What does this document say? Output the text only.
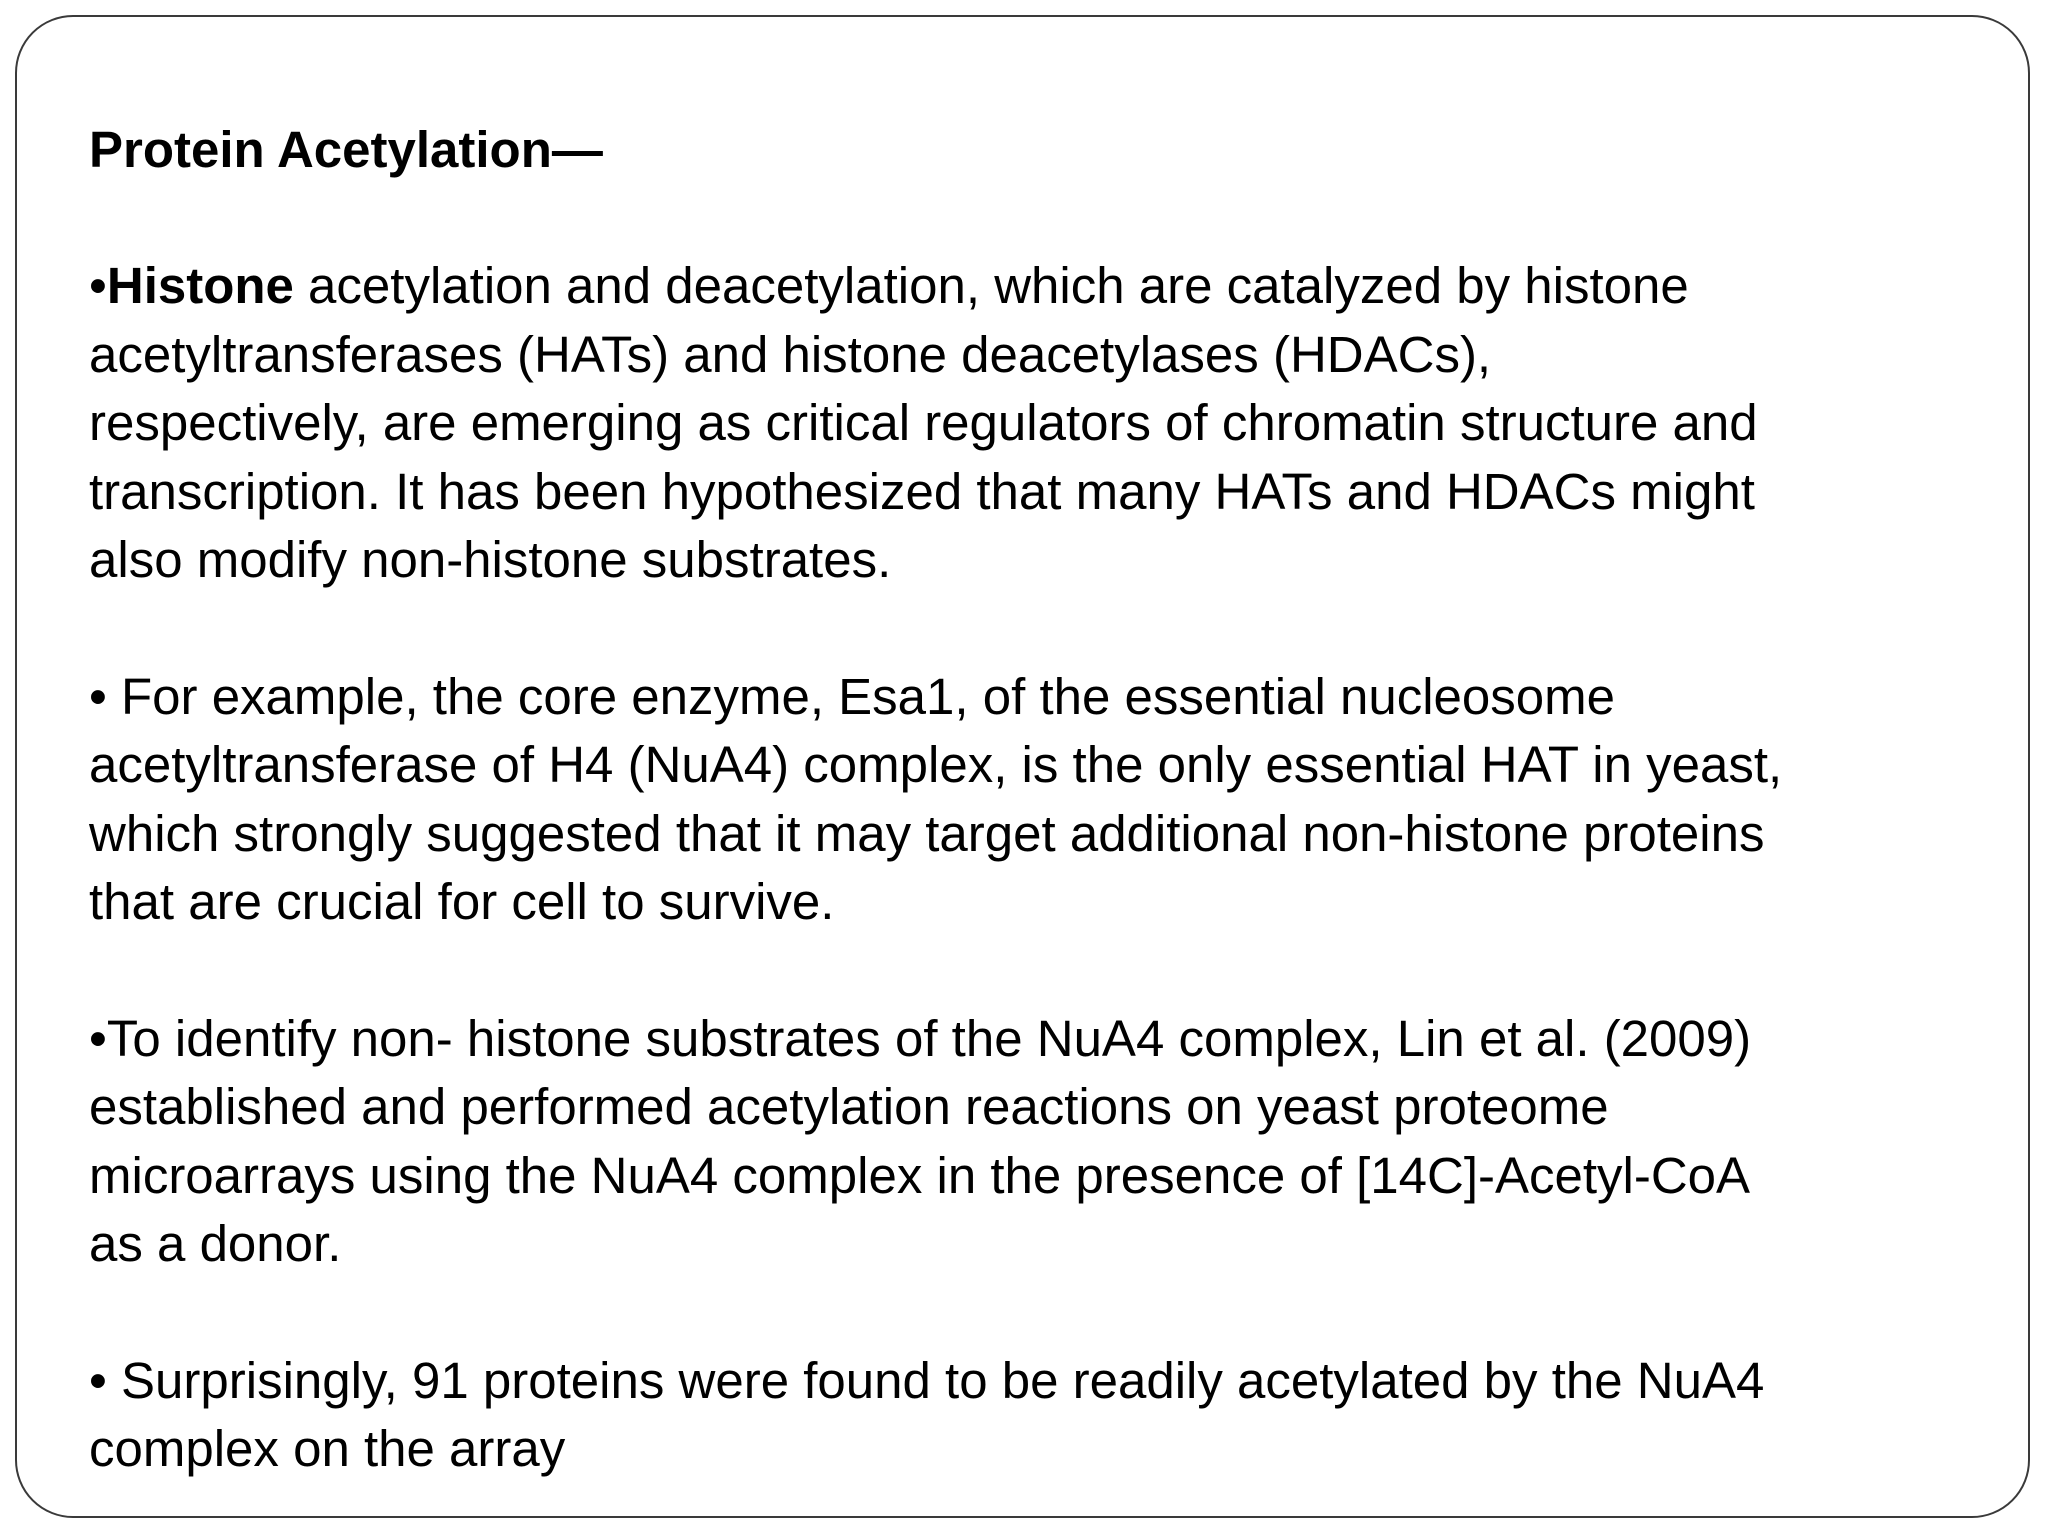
Protein Acetylation—

•Histone acetylation and deacetylation, which are catalyzed by histone
acetyltransferases (HATs) and histone deacetylases (HDACs),
respectively, are emerging as critical regulators of chromatin structure and
transcription. It has been hypothesized that many HATs and HDACs might
also modify non-histone substrates.

• For example, the core enzyme, Esa1, of the essential nucleosome
acetyltransferase of H4 (NuA4) complex, is the only essential HAT in yeast,
which strongly suggested that it may target additional non-histone proteins
that are crucial for cell to survive.

•To identify non- histone substrates of the NuA4 complex, Lin et al. (2009)
established and performed acetylation reactions on yeast proteome
microarrays using the NuA4 complex in the presence of [14C]-Acetyl-CoA
as a donor.

• Surprisingly, 91 proteins were found to be readily acetylated by the NuA4
complex on the array
